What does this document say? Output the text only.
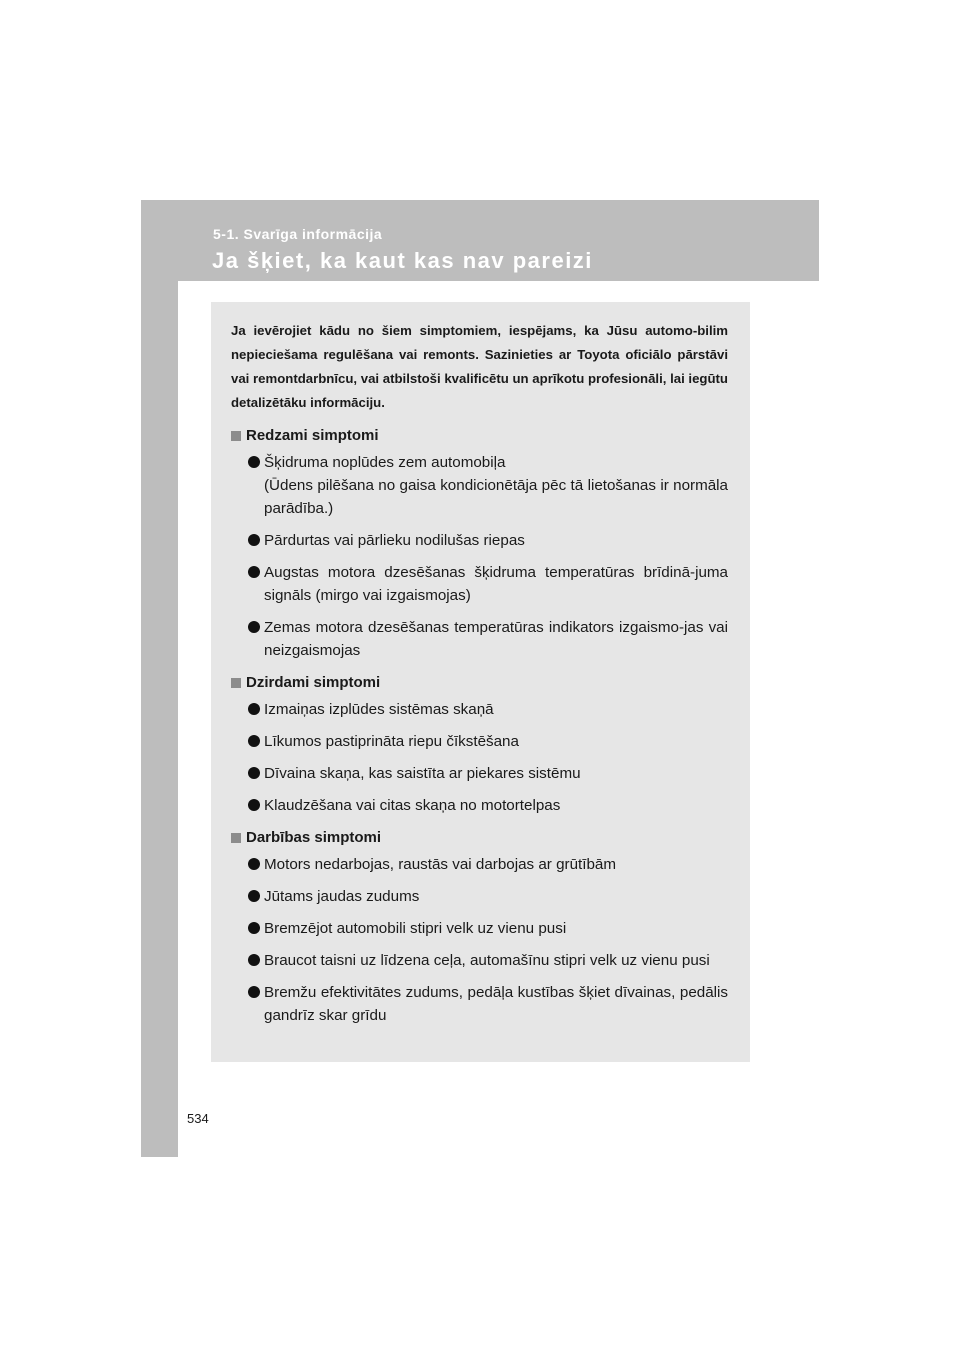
5-1. Svarīga informācija
Ja šķiet, ka kaut kas nav pareizi
534

Ja ievērojiet kādu no šiem simptomiem, iespējams, ka Jūsu automo-bilim nepieciešama regulēšana vai remonts. Sazinieties ar Toyota oficiālo pārstāvi vai remontdarbnīcu, vai atbilstoši kvalificētu un aprīkotu profesionāli, lai iegūtu detalizētāku informāciju.

Redzami simptomi
Šķidruma noplūdes zem automobiļa
(Ūdens pilēšana no gaisa kondicionētāja pēc tā lietošanas ir normāla parādība.)
Pārdurtas vai pārlieku nodilušas riepas
Augstas motora dzesēšanas šķidruma temperatūras brīdinā-juma signāls (mirgo vai izgaismojas)
Zemas motora dzesēšanas temperatūras indikators izgaismo-jas vai neizgaismojas
Dzirdami simptomi
Izmaiņas izplūdes sistēmas skaņā
Līkumos pastiprināta riepu čīkstēšana
Dīvaina skaņa, kas saistīta ar piekares sistēmu
Klaudzēšana vai citas skaņa no motortelpas
Darbības simptomi
Motors nedarbojas, raustās vai darbojas ar grūtībām
Jūtams jaudas zudums
Bremzējot automobili stipri velk uz vienu pusi
Braucot taisni uz līdzena ceļa, automašīnu stipri velk uz vienu pusi
Bremžu efektivitātes zudums, pedāļa kustības šķiet dīvainas, pedālis gandrīz skar grīdu
